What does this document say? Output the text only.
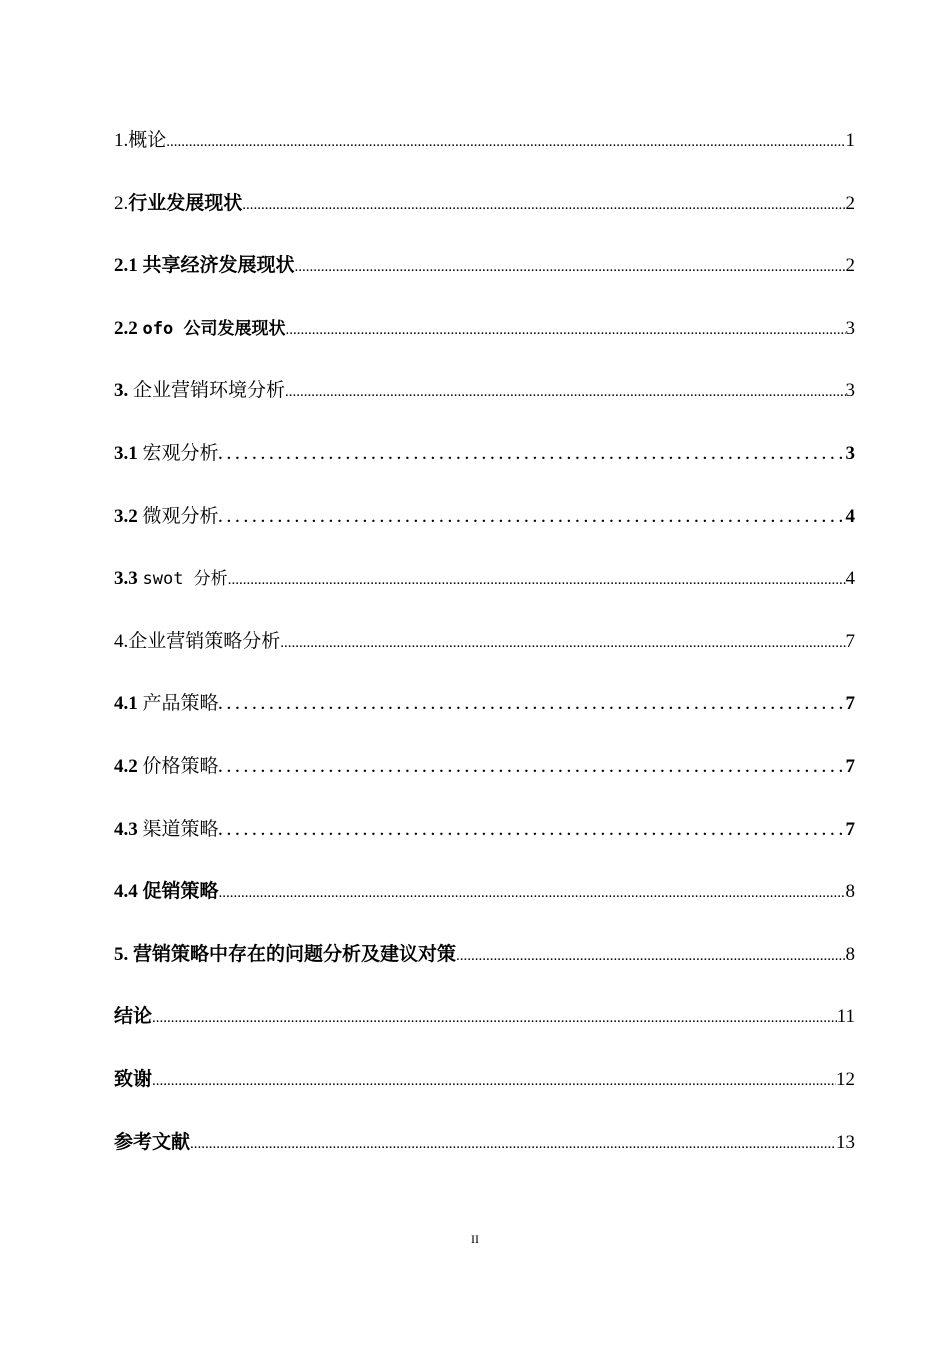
1.概论 .....	1
2.行业发展现状 .....	2
2.1 共享经济发展现状 .....	2
2.2 ofo 公司发展现状 .....	3
3. 企业营销环境分析 .....	3
3.1 宏观分析 . . .	3
3.2 微观分析 . . .	4
3.3 swot 分析 .....	4
4.企业营销策略分析 .....	7
4.1 产品策略 . . .	7
4.2 价格策略 . . .	7
4.3 渠道策略 . . .	7
4.4 促销策略 .....	8
5. 营销策略中存在的问题分析及建议对策 .....	8
结论 .....	11
致谢 .....	12
参考文献 .....	13
II
